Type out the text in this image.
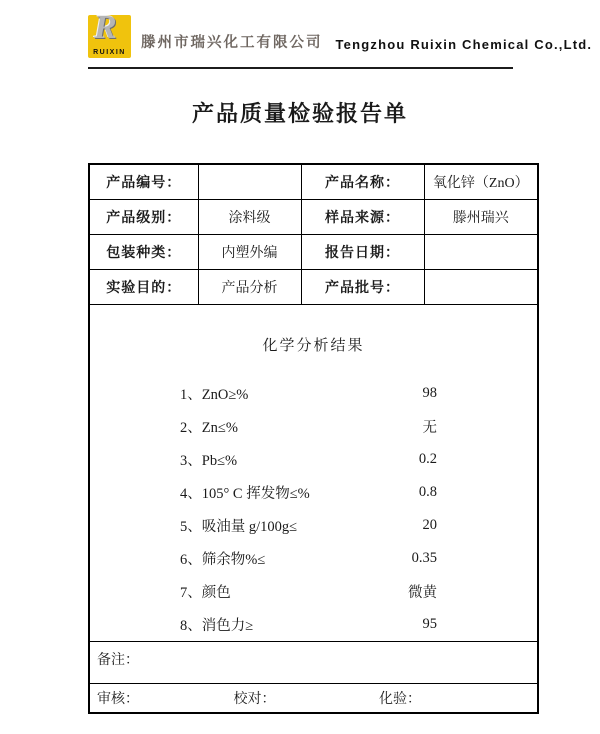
R
RUIXIN
滕州市瑞兴化工有限公司 Tengzhou Ruixin Chemical Co.,Ltd.
产品质量检验报告单
产品编号：		产品名称：	氧化锌（ZnO）
产品级别：	涂料级	样品来源：	滕州瑞兴
包装种类：	内塑外编	报告日期：	
实验目的：	产品分析	产品批号：	

化学分析结果
1、ZnO≥%	98
2、Zn≤%	无
3、Pb≤%	0.2
4、105° C 挥发物≤%	0.8
5、吸油量 g/100g≤	20
6、筛余物%≤	0.35
7、颜色	微黄
8、消色力≥	95

备注：			
审核： 校对： 化验：			
